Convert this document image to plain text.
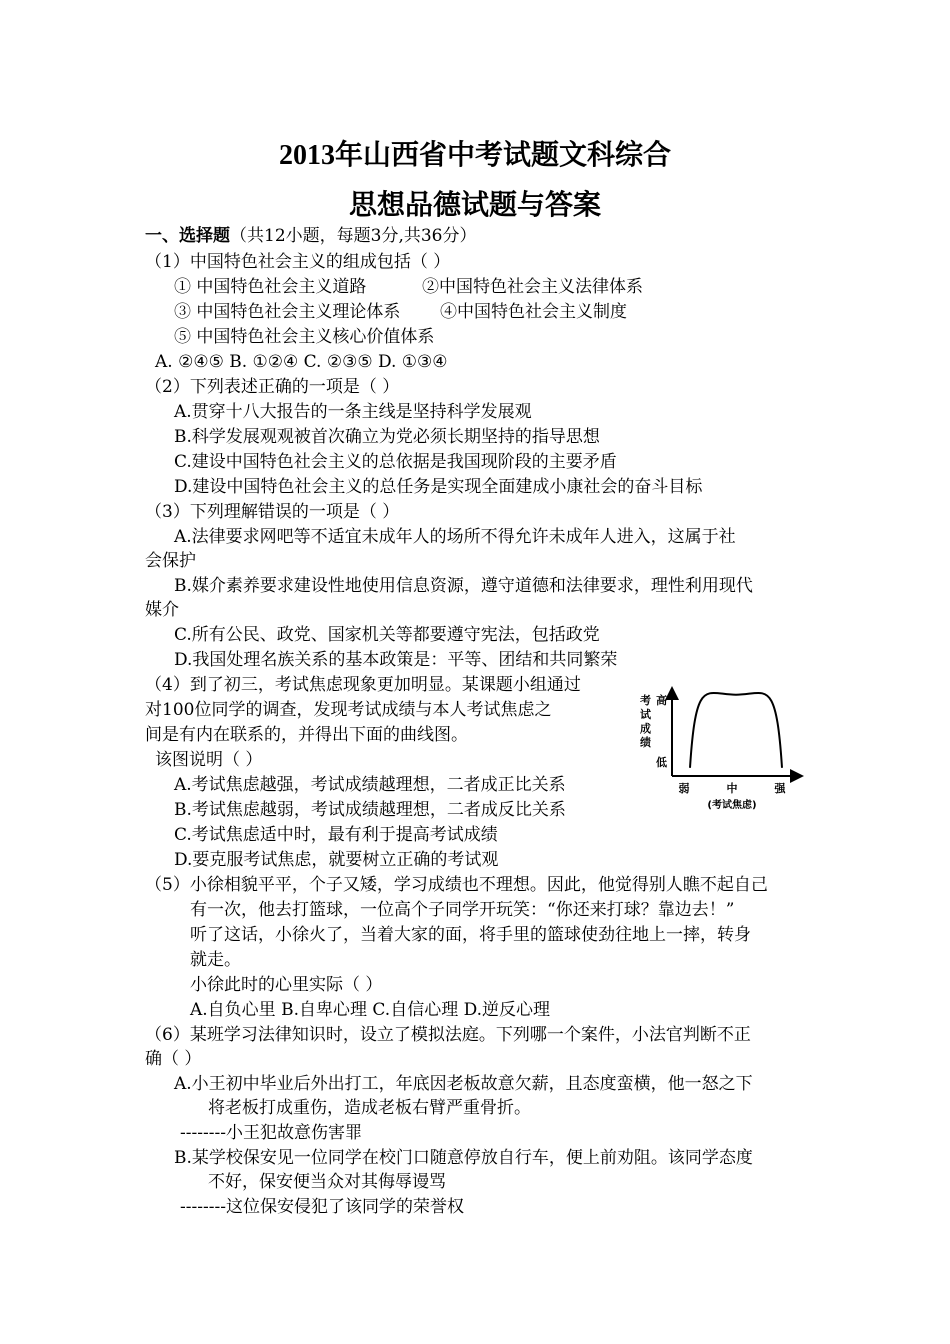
2013年山西省中考试题文科综合
思想品德试题与答案
一、选择题（共12小题，每题3分,共36分）
（1）中国特色社会主义的组成包括（ ）
① 中国特色社会主义道路	②中国特色社会主义法律体系
③ 中国特色社会主义理论体系 ④中国特色社会主义制度
⑤ 中国特色社会主义核心价值体系
A. ②④⑤ B. ①②④ C. ②③⑤ D. ①③④
（2）下列表述正确的一项是（ ）
A.贯穿十八大报告的一条主线是坚持科学发展观
B.科学发展观观被首次确立为党必须长期坚持的指导思想
C.建设中国特色社会主义的总依据是我国现阶段的主要矛盾
D.建设中国特色社会主义的总任务是实现全面建成小康社会的奋斗目标
（3）下列理解错误的一项是（ ）
A.法律要求网吧等不适宜未成年人的场所不得允许未成年人进入，这属于社
会保护
B.媒介素养要求建设性地使用信息资源，遵守道德和法律要求，理性利用现代
媒介
C.所有公民、政党、国家机关等都要遵守宪法，包括政党
D.我国处理名族关系的基本政策是：平等、团结和共同繁荣
（4）到了初三，考试焦虑现象更加明显。某课题小组通过
对100位同学的调查，发现考试成绩与本人考试焦虑之
间是有内在联系的，并得出下面的曲线图。
该图说明（ ）
A.考试焦虑越强，考试成绩越理想，二者成正比关系
B.考试焦虑越弱，考试成绩越理想，二者成反比关系
C.考试焦虑适中时，最有利于提高考试成绩
D.要克服考试焦虑，就要树立正确的考试观
考试成绩
高
低
弱	中	强
(考试焦虑)
（5）小徐相貌平平，个子又矮，学习成绩也不理想。因此，他觉得别人瞧不起自己
有一次，他去打篮球，一位高个子同学开玩笑：“你还来打球？靠边去！”
听了这话，小徐火了，当着大家的面，将手里的篮球使劲往地上一摔，转身
就走。
小徐此时的心里实际（ ）
A.自负心里 B.自卑心理 C.自信心理 D.逆反心理
（6）某班学习法律知识时，设立了模拟法庭。下列哪一个案件，小法官判断不正
确（ ）
A.小王初中毕业后外出打工，年底因老板故意欠薪，且态度蛮横，他一怒之下
将老板打成重伤，造成老板右臂严重骨折。
--------小王犯故意伤害罪
B.某学校保安见一位同学在校门口随意停放自行车，便上前劝阻。该同学态度
不好，保安便当众对其侮辱谩骂
--------这位保安侵犯了该同学的荣誉权
